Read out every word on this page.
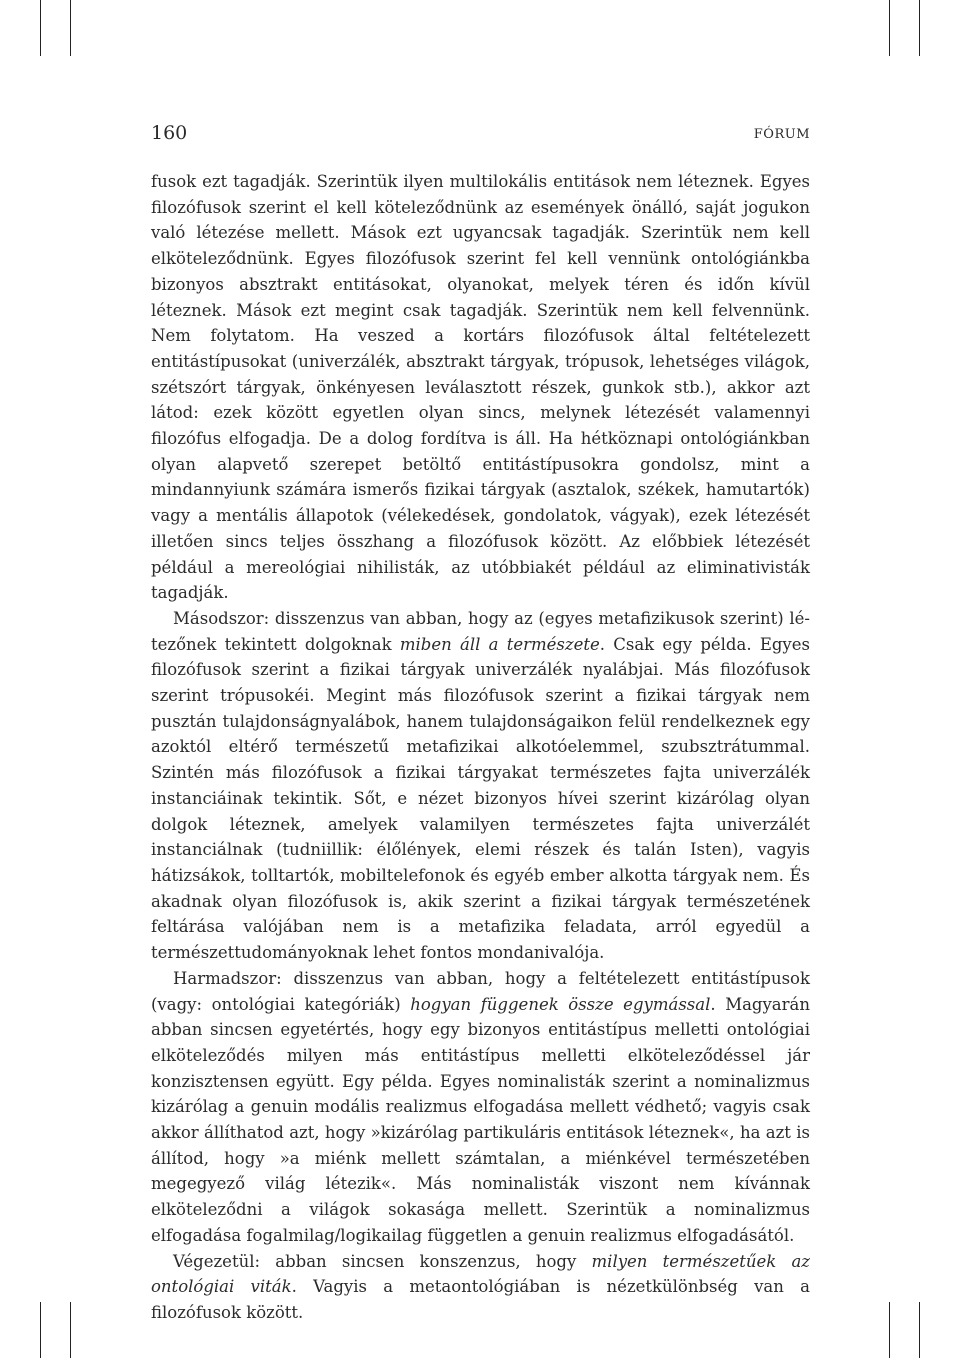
160	FÓRUM

fusok ezt tagadják. Szerintük ilyen multilokális entitások nem léteznek. Egyes filozófusok szerint el kell köteleződnünk az események önálló, saját jogukon való létezése mellett. Mások ezt ugyancsak tagadják. Szerintük nem kell elköteleződnünk. Egyes filozófusok szerint fel kell vennünk ontológiánkba bizonyos absztrakt entitásokat, olyanokat, melyek téren és időn kívül léteznek. Mások ezt megint csak tagadják. Szerintük nem kell felvennünk. Nem folytatom. Ha veszed a kortárs filozófusok által feltételezett entitástípusokat (univerzálék, absztrakt tárgyak, trópusok, lehetséges világok, szétszórt tárgyak, önkényesen leválasztott részek, gunkok stb.), akkor azt látod: ezek között egyetlen olyan sincs, melynek létezését valamennyi filozófus elfogadja. De a dolog fordítva is áll. Ha hétköznapi ontológiánkban olyan alapvető szerepet betöltő entitástípusokra gondolsz, mint a mindannyiunk számára ismerős fizikai tárgyak (asztalok, székek, hamutartók) vagy a mentális állapotok (vélekedések, gondolatok, vágyak), ezek létezését illetően sincs teljes összhang a filozófusok között. Az előbbiek létezését például a mereológiai nihilisták, az utóbbiakét például az eliminativisták tagadják.

Másodszor: disszenzus van abban, hogy az (egyes metafizikusok szerint) létezőnek tekintett dolgoknak miben áll a természete. Csak egy példa. Egyes filozófusok szerint a fizikai tárgyak univerzálék nyalábjai. Más filozófusok szerint trópusokéi. Megint más filozófusok szerint a fizikai tárgyak nem pusztán tulajdonságnyalábok, hanem tulajdonságaikon felül rendelkeznek egy azoktól eltérő természetű metafizikai alkotóelemmel, szubsztrátummal. Szintén más filozófusok a fizikai tárgyakat természetes fajta univerzálék instanciáinak tekintik. Sőt, e nézet bizonyos hívei szerint kizárólag olyan dolgok léteznek, amelyek valamilyen természetes fajta univerzálét instanciálnak (tudniillik: élőlények, elemi részek és talán Isten), vagyis hátizsákok, tolltartók, mobiltelefonok és egyéb ember alkotta tárgyak nem. És akadnak olyan filozófusok is, akik szerint a fizikai tárgyak természetének feltárása valójában nem is a metafizika feladata, arról egyedül a természettudományoknak lehet fontos mondanivalója.

Harmadszor: disszenzus van abban, hogy a feltételezett entitástípusok (vagy: ontológiai kategóriák) hogyan függenek össze egymással. Magyarán abban sincsen egyetértés, hogy egy bizonyos entitástípus melletti ontológiai elköteleződés milyen más entitástípus melletti elköteleződéssel jár konzisztensen együtt. Egy példa. Egyes nominalisták szerint a nominalizmus kizárólag a genuin modális realizmus elfogadása mellett védhető; vagyis csak akkor állíthatod azt, hogy »kizárólag partikuláris entitások léteznek«, ha azt is állítod, hogy »a miénk mellett számtalan, a miénkével természetében megegyező világ létezik«. Más nominalisták viszont nem kívánnak elköteleződni a világok sokasága mellett. Szerintük a nominalizmus elfogadása fogalmilag/logikailag független a genuin realizmus elfogadásától.

Végezetül: abban sincsen konszenzus, hogy milyen természetűek az ontológiai viták. Vagyis a metaontológiában is nézetkülönbség van a filozófusok között.
